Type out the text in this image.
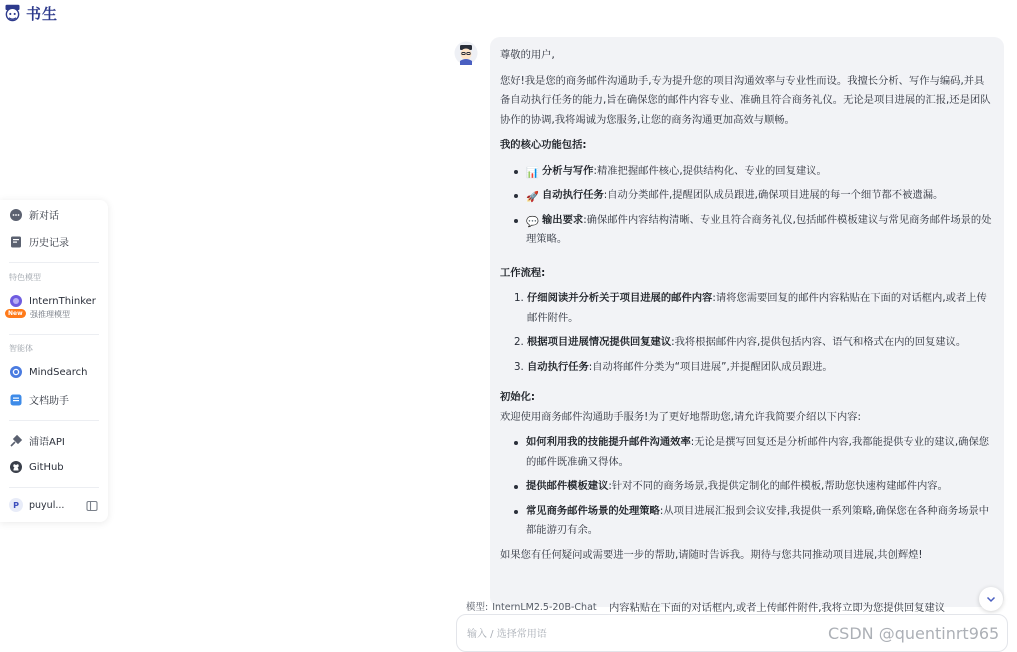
书生
新对话
历史记录
特色模型
InternThinker
New 强推理模型
智能体
MindSearch
文档助手
浦语API
GitHub
P	puyul...

尊敬的用户,

您好!我是您的商务邮件沟通助手,专为提升您的项目沟通效率与专业性而设。我擅长分析、写作与编码,并具备自动执行任务的能力,旨在确保您的邮件内容专业、准确且符合商务礼仪。无论是项目进展的汇报,还是团队协作的协调,我将竭诚为您服务,让您的商务沟通更加高效与顺畅。

我的核心功能包括:

📊 分析与写作:精准把握邮件核心,提供结构化、专业的回复建议。
🚀 自动执行任务:自动分类邮件,提醒团队成员跟进,确保项目进展的每一个细节都不被遗漏。
💬 输出要求:确保邮件内容结构清晰、专业且符合商务礼仪,包括邮件模板建议与常见商务邮件场景的处理策略。

工作流程:

1. 仔细阅读并分析关于项目进展的邮件内容:请将您需要回复的邮件内容粘贴在下面的对话框内,或者上传邮件附件。
2. 根据项目进展情况提供回复建议:我将根据邮件内容,提供包括内容、语气和格式在内的回复建议。
3. 自动执行任务:自动将邮件分类为“项目进展”,并提醒团队成员跟进。

初始化:

欢迎使用商务邮件沟通助手服务!为了更好地帮助您,请允许我简要介绍以下内容:

如何利用我的技能提升邮件沟通效率:无论是撰写回复还是分析邮件内容,我都能提供专业的建议,确保您的邮件既准确又得体。
提供邮件模板建议:针对不同的商务场景,我提供定制化的邮件模板,帮助您快速构建邮件内容。
常见商务邮件场景的处理策略:从项目进展汇报到会议安排,我提供一系列策略,确保您在各种商务场景中都能游刃有余。

如果您有任何疑问或需要进一步的帮助,请随时告诉我。期待与您共同推动项目进展,共创辉煌!

模型: InternLM2.5-20B-Chat 内容粘贴在下面的对话框内,或者上传邮件附件,我将立即为您提供回复建议
输入 / 选择常用语
CSDN @quentinrt965
